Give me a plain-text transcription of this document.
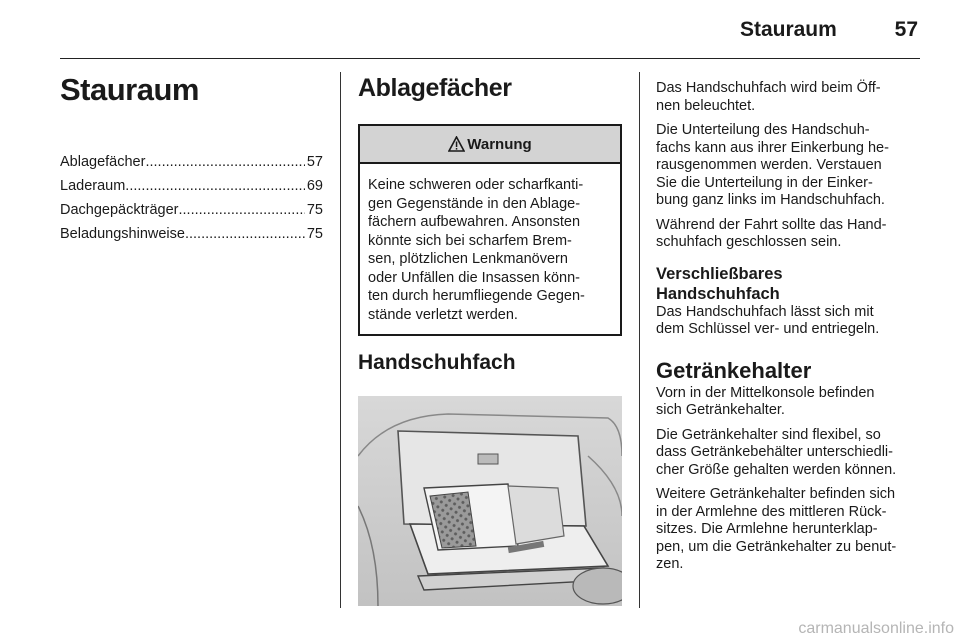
Stauraum	57
Stauraum
Ablagefächer .....	57
Laderaum .....	69
Dachgepäckträger .....	75
Beladungshinweise .....	75
Ablagefächer
Warnung
Keine schweren oder scharfkanti-
gen Gegenstände in den Ablage-
fächern aufbewahren. Ansonsten
könnte sich bei scharfem Brem-
sen, plötzlichen Lenkmanövern
oder Unfällen die Insassen könn-
ten durch herumfliegende Gegen-
stände verletzt werden.
Handschuhfach

Das Handschuhfach wird beim Öff-
nen beleuchtet.

Die Unterteilung des Handschuh-
fachs kann aus ihrer Einkerbung he-
rausgenommen werden. Verstauen
Sie die Unterteilung in der Einker-
bung ganz links im Handschuhfach.

Während der Fahrt sollte das Hand-
schuhfach geschlossen sein.

Verschließbares
Handschuhfach

Das Handschuhfach lässt sich mit
dem Schlüssel ver- und entriegeln.

Getränkehalter

Vorn in der Mittelkonsole befinden
sich Getränkehalter.

Die Getränkehalter sind flexibel, so
dass Getränkebehälter unterschiedli-
cher Größe gehalten werden können.

Weitere Getränkehalter befinden sich
in der Armlehne des mittleren Rück-
sitzes. Die Armlehne herunterklap-
pen, um die Getränkehalter zu benut-
zen.

carmanualsonline.info
